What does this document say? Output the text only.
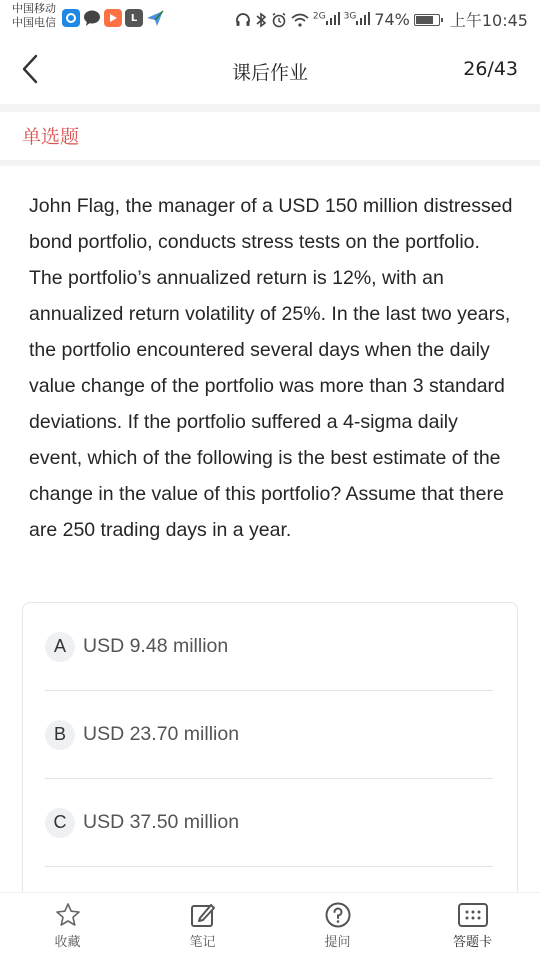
中国移动
中国电信	L	$^{2G}$	$^{3G}$	74%	上午10:45
课后作业	26/43
单选题
John Flag, the manager of a USD 150 million distressed bond portfolio, conducts stress tests on the portfolio. The portfolio’s annualized return is 12%, with an annualized return volatility of 25%. In the last two years, the portfolio encountered several days when the daily value change of the portfolio was more than 3 standard deviations. If the portfolio suffered a 4-sigma daily event, which of the following is the best estimate of the change in the value of this portfolio? Assume that there are 250 trading days in a year.
A USD 9.48 million
B USD 23.70 million
C USD 37.50 million
收藏	笔记	提问	答题卡
